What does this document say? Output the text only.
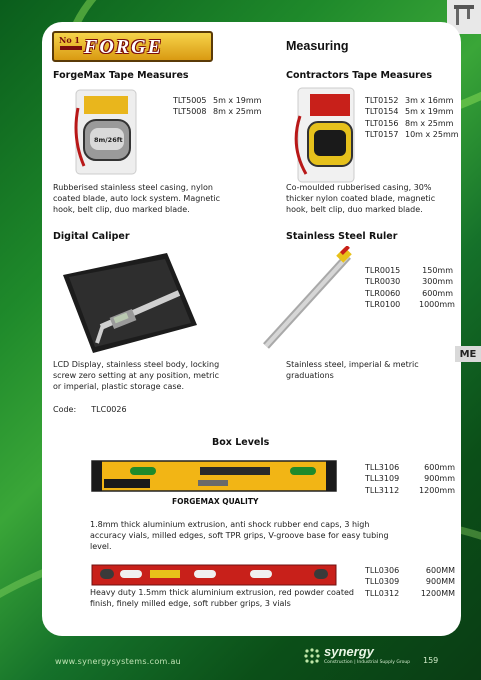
No 1 FORGE	Measuring
ForgeMax Tape Measures
8m/26ft
TLT5005 5m x 19mm
TLT5008 8m x 25mm
Rubberised stainless steel casing, nylon coated blade, auto lock system. Magnetic hook, belt clip, duo marked blade.
Contractors Tape Measures
TLT0152 3m x 16mm
TLT0154 5m x 19mm
TLT0156 8m x 25mm
TLT0157 10m x 25mm
Co-moulded rubberised casing, 30% thicker nylon coated blade, magnetic hook, belt clip, duo marked blade.
Digital Caliper
LCD Display, stainless steel body, locking screw zero setting at any position, metric or imperial, plastic storage case.
Code: TLC0026
Stainless Steel Ruler
TLR0015	150mm
TLR0030	300mm
TLR0060	600mm
TLR0100	1000mm
Stainless steel, imperial & metric graduations
Box Levels
FORGEMAX QUALITY
TLL3106	600mm
TLL3109	900mm
TLL3112	1200mm
1.8mm thick aluminium extrusion, anti shock rubber end caps, 3 high accuracy vials, milled edges, soft TPR grips, V-groove base for easy tubing level.
TLL0306	600MM
TLL0309	900MM
TLL0312	1200MM
Heavy duty 1.5mm thick aluminium extrusion, red powder coated finish, finely milled edge, soft rubber grips, 3 vials
ME
www.synergysystems.com.au
synergy
Construction | Industrial Supply Group 159
